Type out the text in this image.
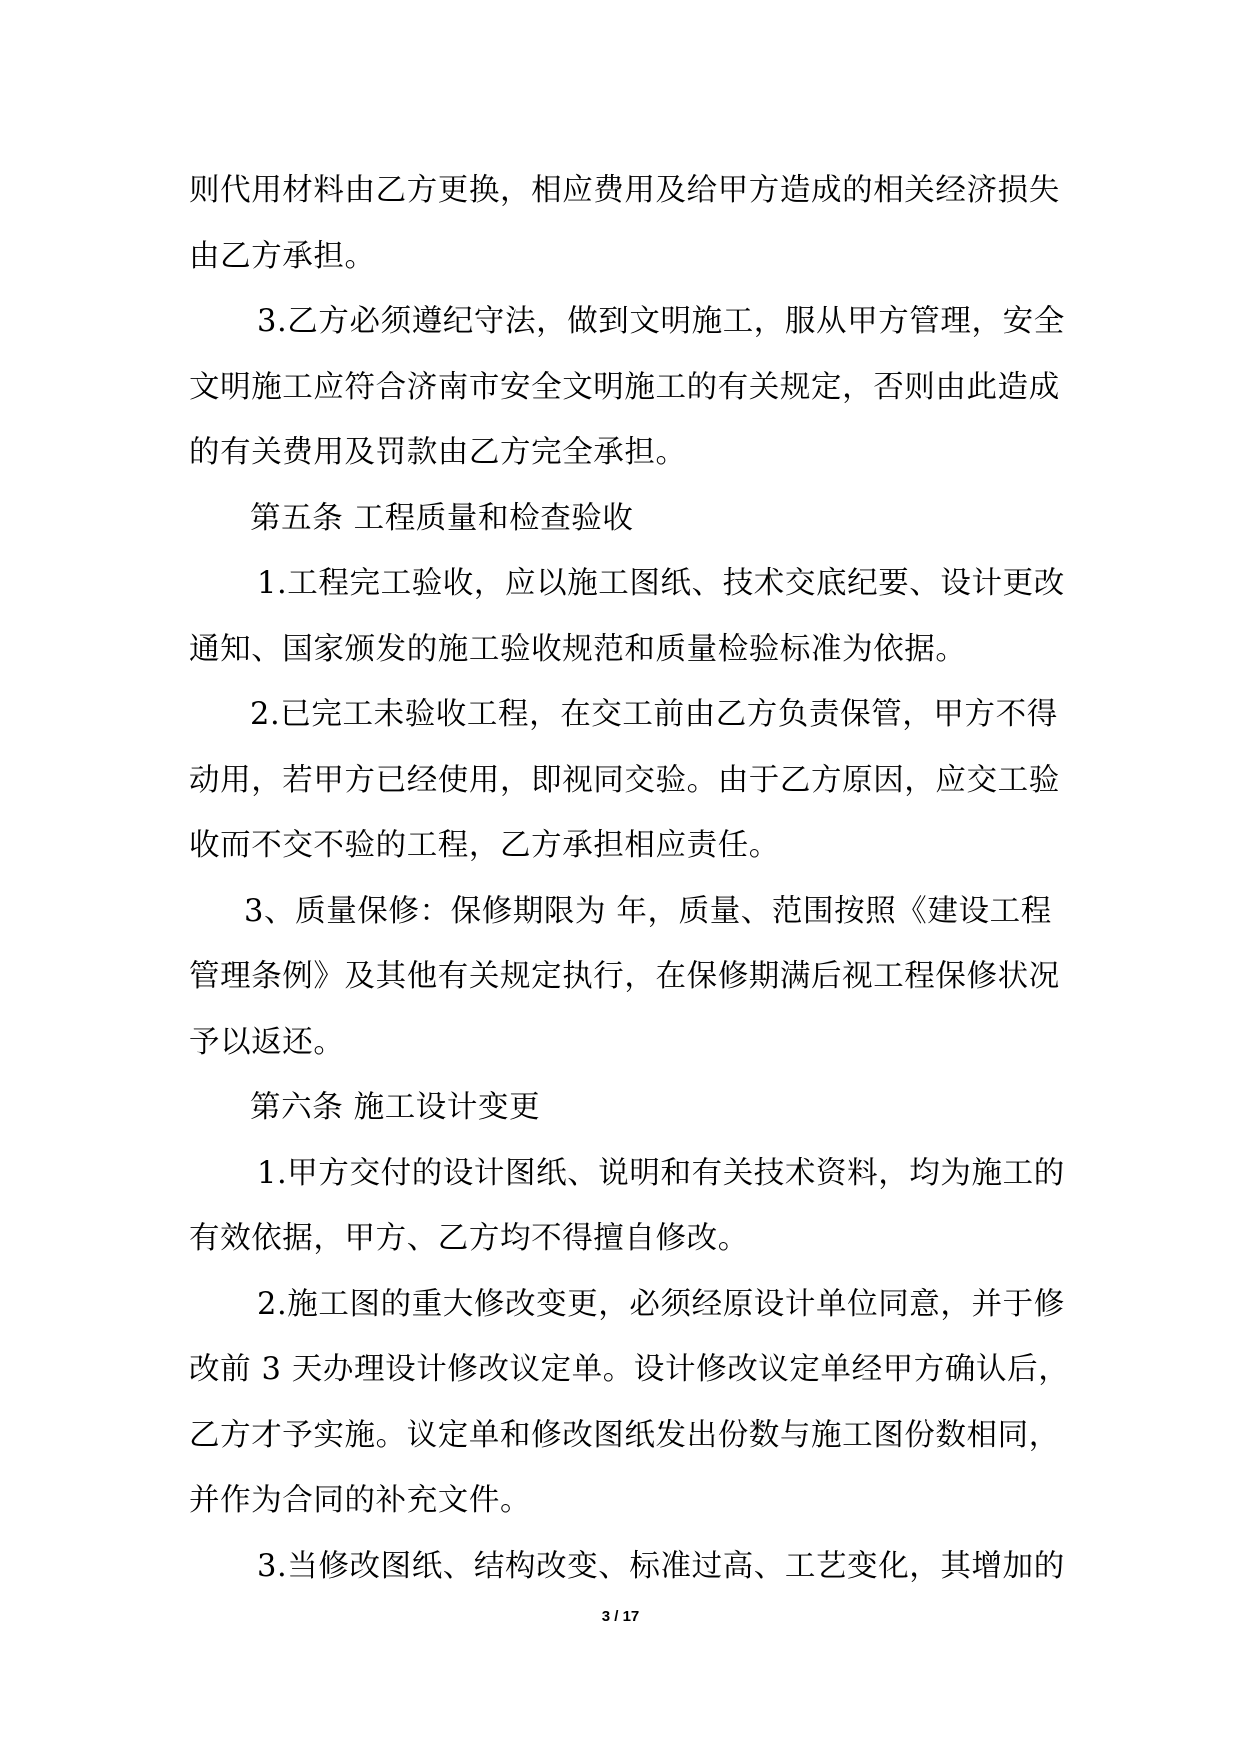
则代用材料由乙方更换，相应费用及给甲方造成的相关经济损失
由乙方承担。
3.乙方必须遵纪守法，做到文明施工，服从甲方管理，安全
文明施工应符合济南市安全文明施工的有关规定，否则由此造成
的有关费用及罚款由乙方完全承担。
第五条 工程质量和检查验收
1.工程完工验收，应以施工图纸、技术交底纪要、设计更改
通知、国家颁发的施工验收规范和质量检验标准为依据。
2.已完工未验收工程，在交工前由乙方负责保管，甲方不得
动用，若甲方已经使用，即视同交验。由于乙方原因，应交工验
收而不交不验的工程，乙方承担相应责任。
3、质量保修：保修期限为 年，质量、范围按照《建设工程
管理条例》及其他有关规定执行，在保修期满后视工程保修状况
予以返还。
第六条 施工设计变更
1.甲方交付的设计图纸、说明和有关技术资料，均为施工的
有效依据，甲方、乙方均不得擅自修改。
2.施工图的重大修改变更，必须经原设计单位同意，并于修
改前 3 天办理设计修改议定单。设计修改议定单经甲方确认后，
乙方才予实施。议定单和修改图纸发出份数与施工图份数相同，
并作为合同的补充文件。
3.当修改图纸、结构改变、标准过高、工艺变化，其增加的
3 / 17
